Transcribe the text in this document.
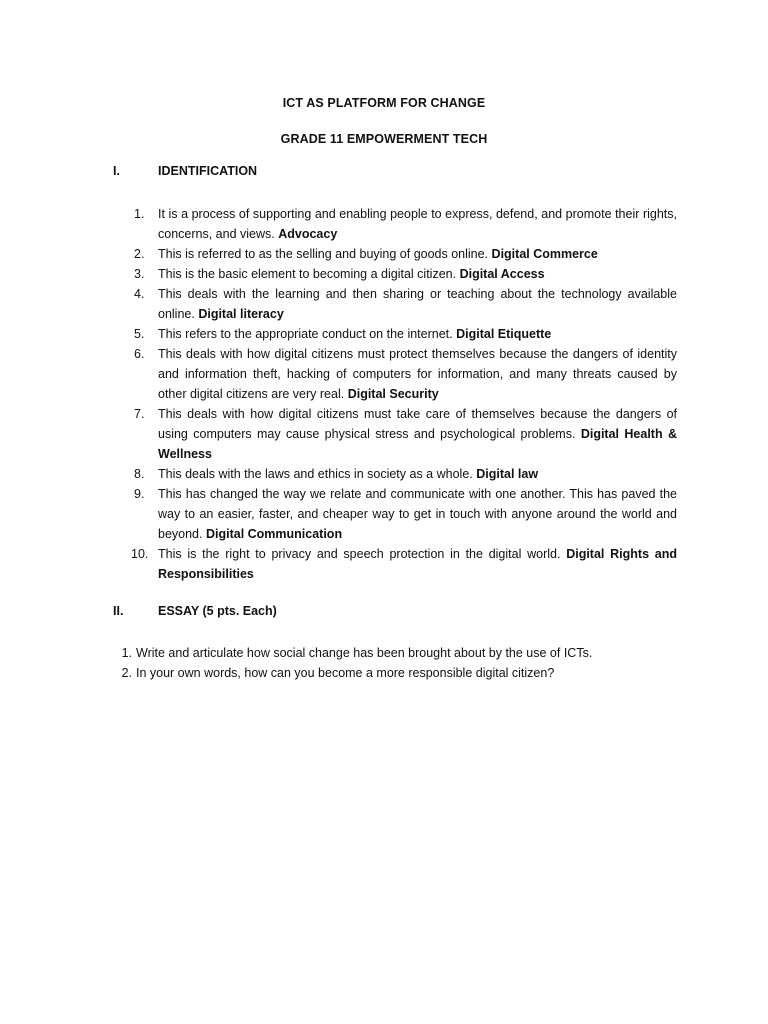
ICT AS PLATFORM FOR CHANGE
GRADE 11 EMPOWERMENT TECH
I.	IDENTIFICATION
1.	It is a process of supporting and enabling people to express, defend, and promote their rights, concerns, and views. Advocacy
2.	This is referred to as the selling and buying of goods online. Digital Commerce
3.	This is the basic element to becoming a digital citizen. Digital Access
4.	This deals with the learning and then sharing or teaching about the technology available online. Digital literacy
5.	This refers to the appropriate conduct on the internet. Digital Etiquette
6.	This deals with how digital citizens must protect themselves because the dangers of identity and information theft, hacking of computers for information, and many threats caused by other digital citizens are very real. Digital Security
7.	This deals with how digital citizens must take care of themselves because the dangers of using computers may cause physical stress and psychological problems. Digital Health & Wellness
8.	This deals with the laws and ethics in society as a whole. Digital law
9.	This has changed the way we relate and communicate with one another. This has paved the way to an easier, faster, and cheaper way to get in touch with anyone around the world and beyond. Digital Communication
10. This is the right to privacy and speech protection in the digital world. Digital Rights and Responsibilities
II.	ESSAY (5 pts. Each)
1. Write and articulate how social change has been brought about by the use of ICTs.
2. In your own words, how can you become a more responsible digital citizen?
